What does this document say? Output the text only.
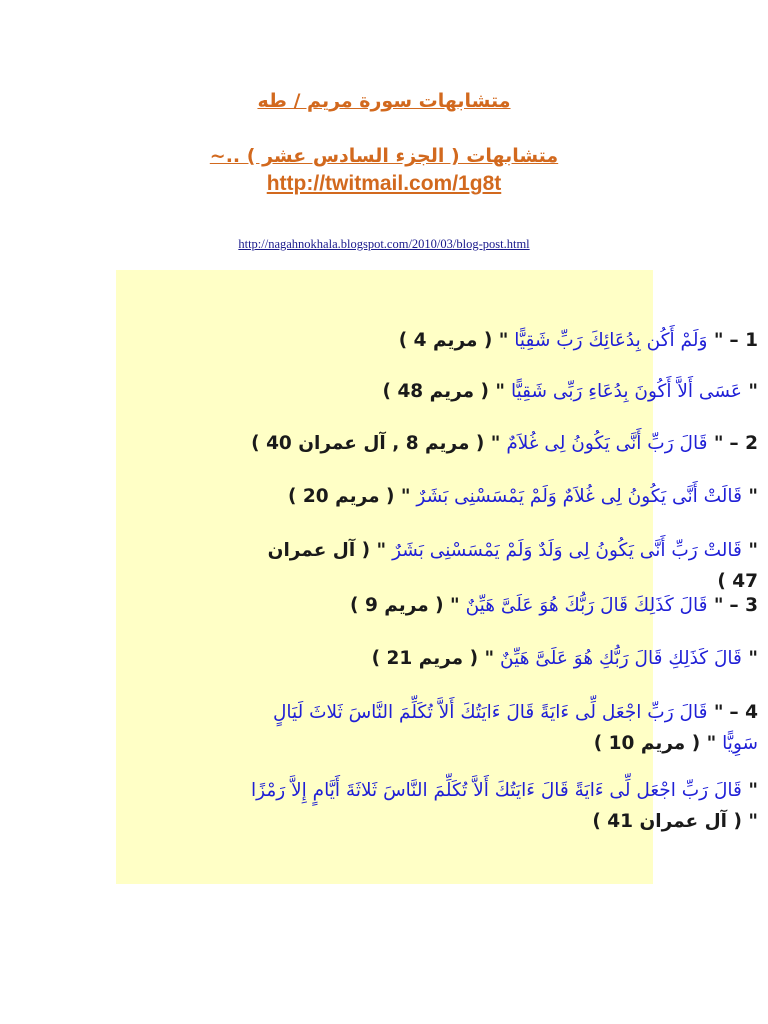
متشابهات سورة مريم / طه
متشابهات ( الجزء السادس عشر ) ..~
http://twitmail.com/1g8t
http://nagahnokhala.blogspot.com/2010/03/blog-post.html
1 – " وَلَمْ أَكُن بِدُعَائِكَ رَبِّ شَقِيًّا " ( مريم 4 )
" عَسَى أَلاَّ أَكُونَ بِدُعَاءِ رَبِّى شَقِيًّا " ( مريم 48 )
2 – " قَالَ رَبِّ أَنَّى يَكُونُ لِى غُلاَمٌ " ( مريم 8 , آل عمران 40 )
" قَالَتْ أَنَّى يَكُونُ لِى غُلاَمٌ وَلَمْ يَمْسَسْنِى بَشَرٌ " ( مريم 20 )
" قَالتْ رَبِّ أَنَّى يَكُونُ لِى وَلَدٌ وَلَمْ يَمْسَسْنِى بَشَرٌ " ( آل عمران 47 )
3 – " قَالَ كَذَلِكَ قَالَ رَبُّكَ هُوَ عَلَىَّ هَيِّنٌ " ( مريم 9 )
" قَالَ كَذَلِكِ قَالَ رَبُّكِ هُوَ عَلَىَّ هَيِّنٌ " ( مريم 21 )
4 – " قَالَ رَبِّ اجْعَل لِّى ءَايَةً قَالَ ءَايَتُكَ أَلاَّ تُكَلِّمَ النَّاسَ ثَلاثَ لَيَالٍ سَوِيًّا " ( مريم 10 )
" قَالَ رَبِّ اجْعَل لِّى ءَايَةً قَالَ ءَايَتُكَ أَلاَّ تُكَلِّمَ النَّاسَ ثَلاثَةَ أَيَّامٍ إِلاَّ رَمْزًا " ( آل عمران 41 )
